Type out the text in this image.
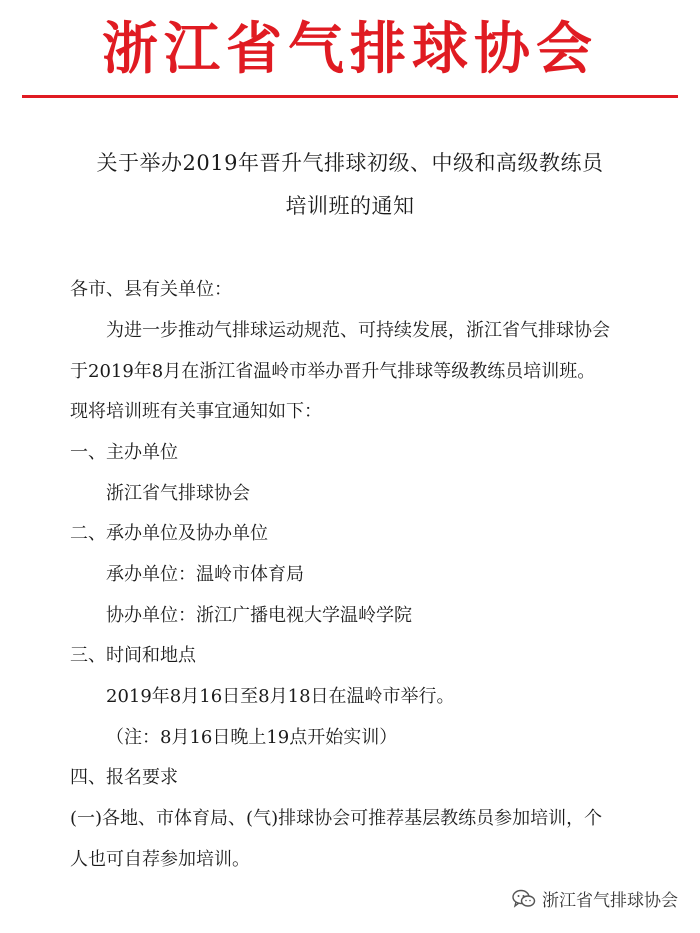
浙江省气排球协会
关于举办2019年晋升气排球初级、中级和高级教练员
培训班的通知
各市、县有关单位：
为进一步推动气排球运动规范、可持续发展，浙江省气排球协会
于2019年8月在浙江省温岭市举办晋升气排球等级教练员培训班。
现将培训班有关事宜通知如下：
一、主办单位
浙江省气排球协会
二、承办单位及协办单位
承办单位：温岭市体育局
协办单位：浙江广播电视大学温岭学院
三、时间和地点
2019年8月16日至8月18日在温岭市举行。
（注：8月16日晚上19点开始实训）
四、报名要求
(一)各地、市体育局、(气)排球协会可推荐基层教练员参加培训，个
人也可自荐参加培训。
浙江省气排球协会
